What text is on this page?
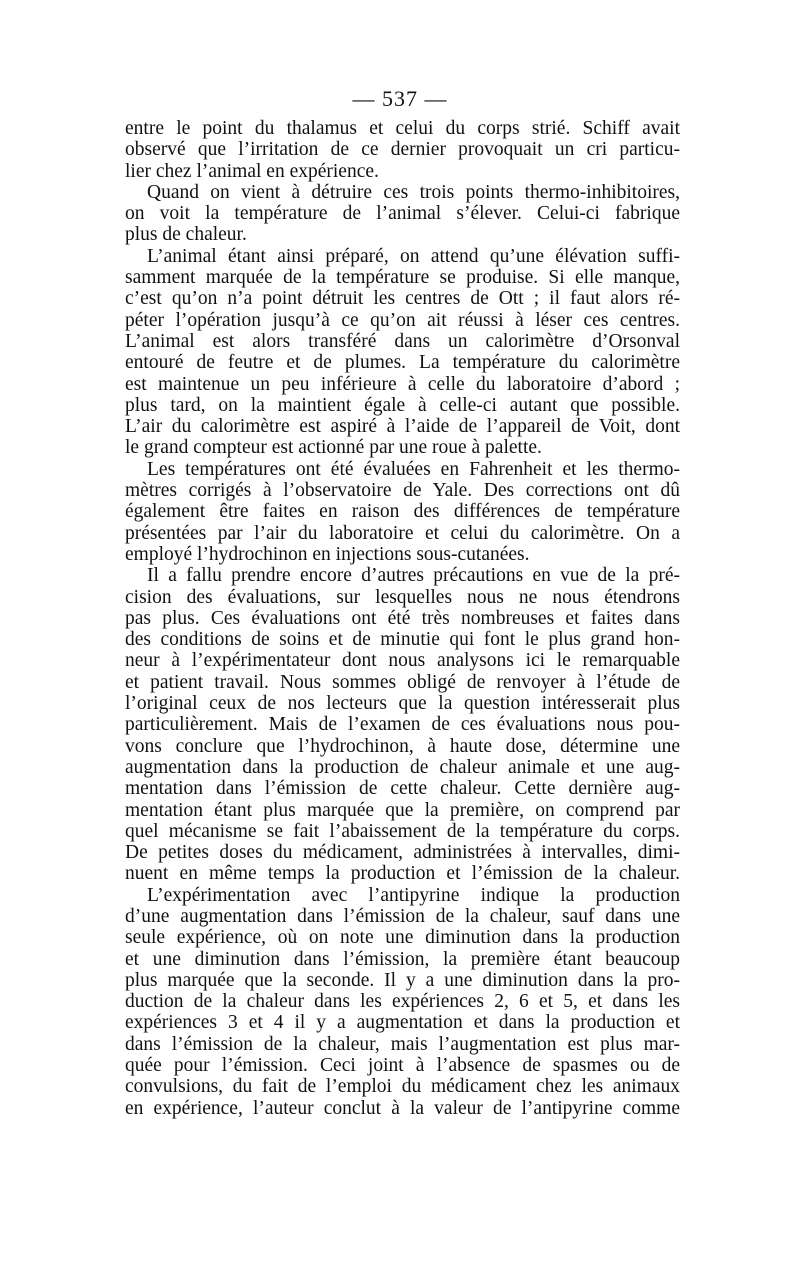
— 537 —
entre le point du thalamus et celui du corps strié. Schiff avait
observé que l’irritation de ce dernier provoquait un cri particu-
lier chez l’animal en expérience.
Quand on vient à détruire ces trois points thermo-inhibitoires,
on voit la température de l’animal s’élever. Celui-ci fabrique
plus de chaleur.
L’animal étant ainsi préparé, on attend qu’une élévation suffi-
samment marquée de la température se produise. Si elle manque,
c’est qu’on n’a point détruit les centres de Ott ; il faut alors ré-
péter l’opération jusqu’à ce qu’on ait réussi à léser ces centres.
L’animal est alors transféré dans un calorimètre d’Orsonval
entouré de feutre et de plumes. La température du calorimètre
est maintenue un peu inférieure à celle du laboratoire d’abord ;
plus tard, on la maintient égale à celle-ci autant que possible.
L’air du calorimètre est aspiré à l’aide de l’appareil de Voit, dont
le grand compteur est actionné par une roue à palette.
Les températures ont été évaluées en Fahrenheit et les thermo-
mètres corrigés à l’observatoire de Yale. Des corrections ont dû
également être faites en raison des différences de température
présentées par l’air du laboratoire et celui du calorimètre. On a
employé l’hydrochinon en injections sous-cutanées.
Il a fallu prendre encore d’autres précautions en vue de la pré-
cision des évaluations, sur lesquelles nous ne nous étendrons
pas plus. Ces évaluations ont été très nombreuses et faites dans
des conditions de soins et de minutie qui font le plus grand hon-
neur à l’expérimentateur dont nous analysons ici le remarquable
et patient travail. Nous sommes obligé de renvoyer à l’étude de
l’original ceux de nos lecteurs que la question intéresserait plus
particulièrement. Mais de l’examen de ces évaluations nous pou-
vons conclure que l’hydrochinon, à haute dose, détermine une
augmentation dans la production de chaleur animale et une aug-
mentation dans l’émission de cette chaleur. Cette dernière aug-
mentation étant plus marquée que la première, on comprend par
quel mécanisme se fait l’abaissement de la température du corps.
De petites doses du médicament, administrées à intervalles, dimi-
nuent en même temps la production et l’émission de la chaleur.
L’expérimentation avec l’antipyrine indique la production
d’une augmentation dans l’émission de la chaleur, sauf dans une
seule expérience, où on note une diminution dans la production
et une diminution dans l’émission, la première étant beaucoup
plus marquée que la seconde. Il y a une diminution dans la pro-
duction de la chaleur dans les expériences 2, 6 et 5, et dans les
expériences 3 et 4 il y a augmentation et dans la production et
dans l’émission de la chaleur, mais l’augmentation est plus mar-
quée pour l’émission. Ceci joint à l’absence de spasmes ou de
convulsions, du fait de l’emploi du médicament chez les animaux
en expérience, l’auteur conclut à la valeur de l’antipyrine comme
